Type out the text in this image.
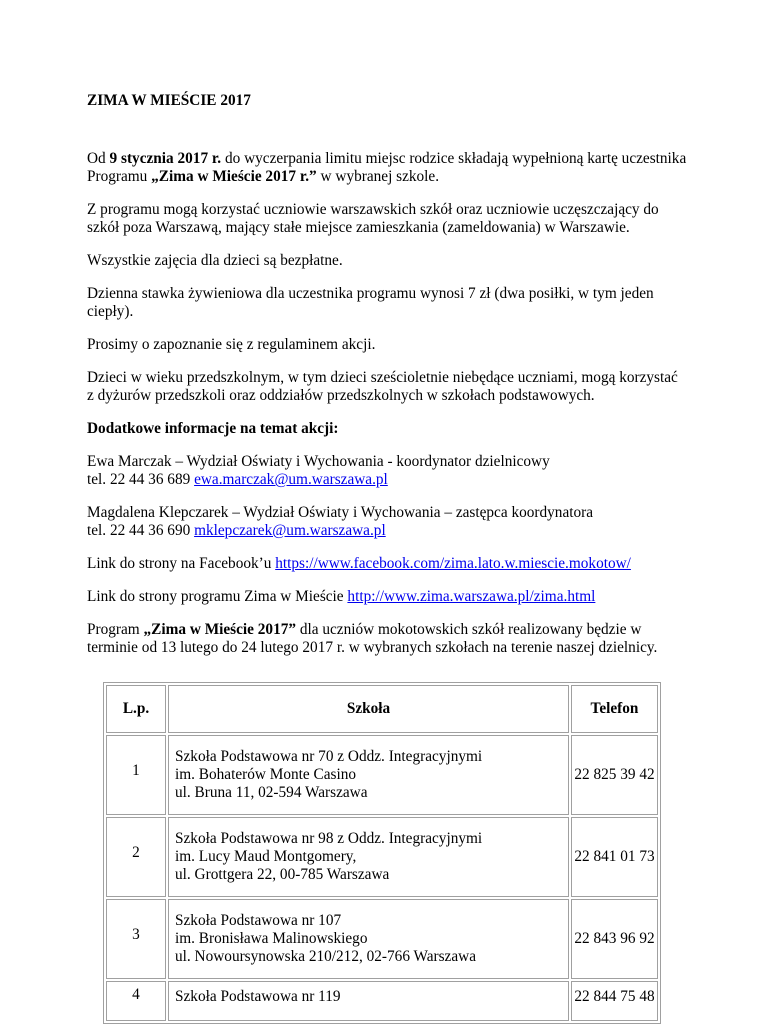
ZIMA W MIEŚCIE 2017

Od 9 stycznia 2017 r. do wyczerpania limitu miejsc rodzice składają wypełnioną kartę uczestnika Programu „Zima w Mieście 2017 r.” w wybranej szkole.

Z programu mogą korzystać uczniowie warszawskich szkół oraz uczniowie uczęszczający do szkół poza Warszawą, mający stałe miejsce zamieszkania (zameldowania) w Warszawie.

Wszystkie zajęcia dla dzieci są bezpłatne.

Dzienna stawka żywieniowa dla uczestnika programu wynosi 7 zł (dwa posiłki, w tym jeden ciepły).

Prosimy o zapoznanie się z regulaminem akcji.

Dzieci w wieku przedszkolnym, w tym dzieci sześcioletnie niebędące uczniami, mogą korzystać z dyżurów przedszkoli oraz oddziałów przedszkolnych w szkołach podstawowych.

Dodatkowe informacje na temat akcji:

Ewa Marczak – Wydział Oświaty i Wychowania - koordynator dzielnicowy
tel. 22 44 36 689 ewa.marczak@um.warszawa.pl

Magdalena Klepczarek – Wydział Oświaty i Wychowania – zastępca koordynatora
tel. 22 44 36 690 mklepczarek@um.warszawa.pl

Link do strony na Facebook’u https://www.facebook.com/zima.lato.w.miescie.mokotow/

Link do strony programu Zima w Mieście http://www.zima.warszawa.pl/zima.html

Program „Zima w Mieście 2017” dla uczniów mokotowskich szkół realizowany będzie w terminie od 13 lutego do 24 lutego 2017 r. w wybranych szkołach na terenie naszej dzielnicy.

L.p.	Szkoła	Telefon
1	Szkoła Podstawowa nr 70 z Oddz. Integracyjnymi
im. Bohaterów Monte Casino
ul. Bruna 11, 02-594 Warszawa	22 825 39 42
2	Szkoła Podstawowa nr 98 z Oddz. Integracyjnymi
im. Lucy Maud Montgomery,
ul. Grottgera 22, 00-785 Warszawa	22 841 01 73
3	Szkoła Podstawowa nr 107
im. Bronisława Malinowskiego
ul. Nowoursynowska 210/212, 02-766 Warszawa	22 843 96 92
4	Szkoła Podstawowa nr 119	22 844 75 48
